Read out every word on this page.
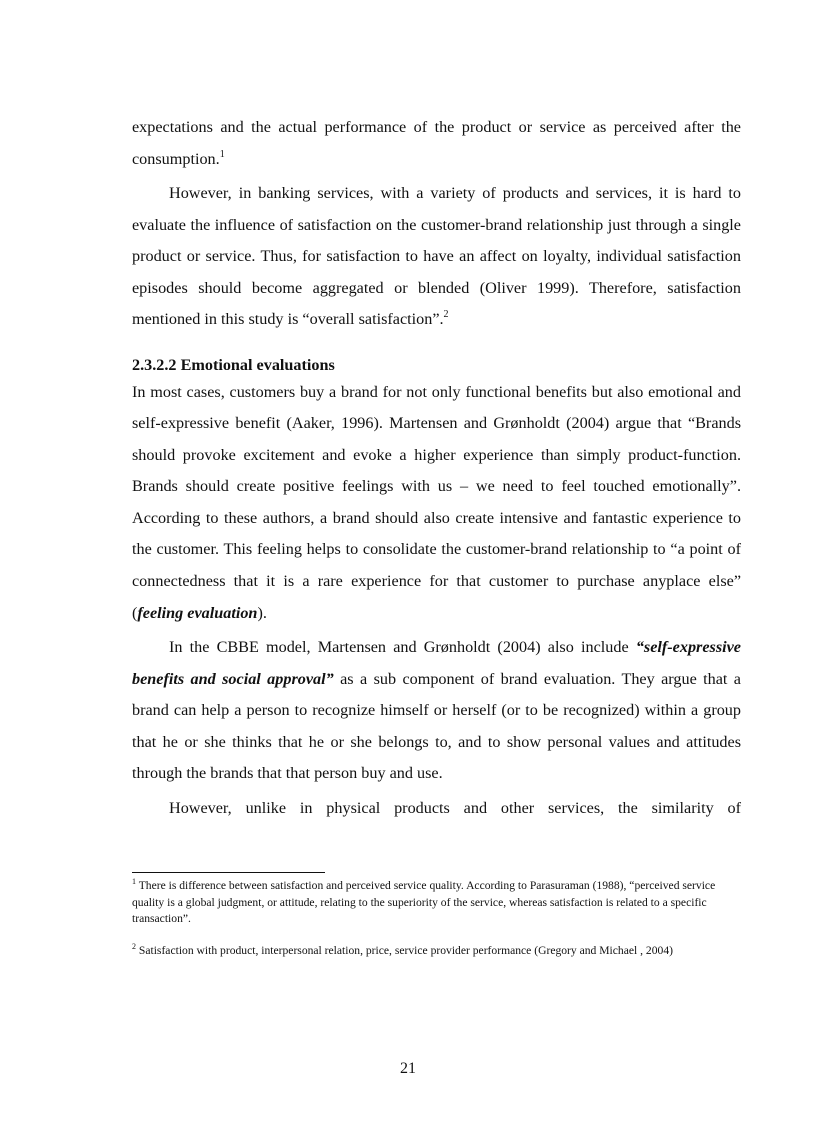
expectations and the actual performance of the product or service as perceived after the consumption.$^1$

However, in banking services, with a variety of products and services, it is hard to evaluate the influence of satisfaction on the customer-brand relationship just through a single product or service. Thus, for satisfaction to have an affect on loyalty, individual satisfaction episodes should become aggregated or blended (Oliver 1999). Therefore, satisfaction mentioned in this study is “overall satisfaction”.$^2$

2.3.2.2 Emotional evaluations

In most cases, customers buy a brand for not only functional benefits but also emotional and self-expressive benefit (Aaker, 1996). Martensen and Grønholdt (2004) argue that “Brands should provoke excitement and evoke a higher experience than simply product-function. Brands should create positive feelings with us – we need to feel touched emotionally”. According to these authors, a brand should also create intensive and fantastic experience to the customer. This feeling helps to consolidate the customer-brand relationship to “a point of connectedness that it is a rare experience for that customer to purchase anyplace else” (feeling evaluation).

In the CBBE model, Martensen and Grønholdt (2004) also include “self-expressive benefits and social approval” as a sub component of brand evaluation. They argue that a brand can help a person to recognize himself or herself (or to be recognized) within a group that he or she thinks that he or she belongs to, and to show personal values and attitudes through the brands that that person buy and use.

However, unlike in physical products and other services, the similarity of

$^1$ There is difference between satisfaction and perceived service quality. According to Parasuraman (1988), “perceived service quality is a global judgment, or attitude, relating to the superiority of the service, whereas satisfaction is related to a specific transaction”.

$^2$ Satisfaction with product, interpersonal relation, price, service provider performance (Gregory and Michael , 2004)

21
